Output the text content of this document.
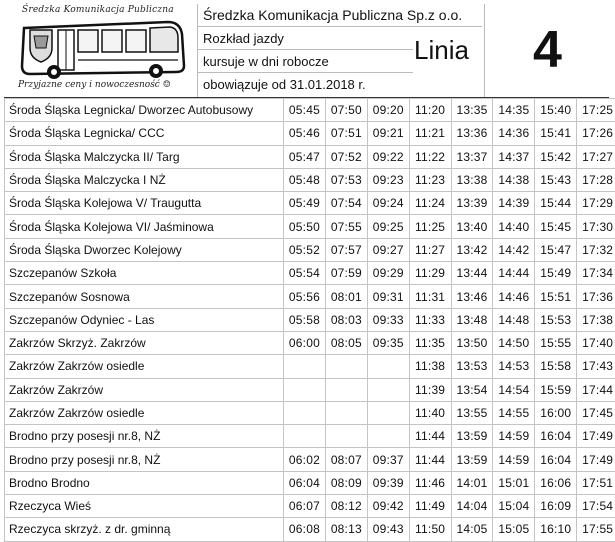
Średzka Komunikacja Publiczna
Przyjazne ceny i nowoczesność ☺
Średzka Komunikacja Publiczna Sp.z o.o.
Rozkład jazdy
kursuje w dni robocze
obowiązuje od 31.01.2018 r.
Linia	4
Środa Śląska Legnicka/ Dworzec Autobusowy	05:45	07:50	09:20	11:20	13:35	14:35	15:40	17:25
Środa Śląska Legnicka/ CCC	05:46	07:51	09:21	11:21	13:36	14:36	15:41	17:26
Środa Śląska Malczycka II/ Targ	05:47	07:52	09:22	11:22	13:37	14:37	15:42	17:27
Środa Śląska Malczycka I NŻ	05:48	07:53	09:23	11:23	13:38	14:38	15:43	17:28
Środa Śląska Kolejowa V/ Traugutta	05:49	07:54	09:24	11:24	13:39	14:39	15:44	17:29
Środa Śląska Kolejowa VI/ Jaśminowa	05:50	07:55	09:25	11:25	13:40	14:40	15:45	17:30
Środa Śląska Dworzec Kolejowy	05:52	07:57	09:27	11:27	13:42	14:42	15:47	17:32
Szczepanów Szkoła	05:54	07:59	09:29	11:29	13:44	14:44	15:49	17:34
Szczepanów Sosnowa	05:56	08:01	09:31	11:31	13:46	14:46	15:51	17:36
Szczepanów Odyniec - Las	05:58	08:03	09:33	11:33	13:48	14:48	15:53	17:38
Zakrzów Skrzyż. Zakrzów	06:00	08:05	09:35	11:35	13:50	14:50	15:55	17:40
Zakrzów Zakrzów osiedle				11:38	13:53	14:53	15:58	17:43
Zakrzów Zakrzów				11:39	13:54	14:54	15:59	17:44
Zakrzów Zakrzów osiedle				11:40	13:55	14:55	16:00	17:45
Brodno przy posesji nr.8, NŻ				11:44	13:59	14:59	16:04	17:49
Brodno przy posesji nr.8, NŻ	06:02	08:07	09:37	11:44	13:59	14:59	16:04	17:49
Brodno Brodno	06:04	08:09	09:39	11:46	14:01	15:01	16:06	17:51
Rzeczyca Wieś	06:07	08:12	09:42	11:49	14:04	15:04	16:09	17:54
Rzeczyca skrzyż. z dr. gminną	06:08	08:13	09:43	11:50	14:05	15:05	16:10	17:55
